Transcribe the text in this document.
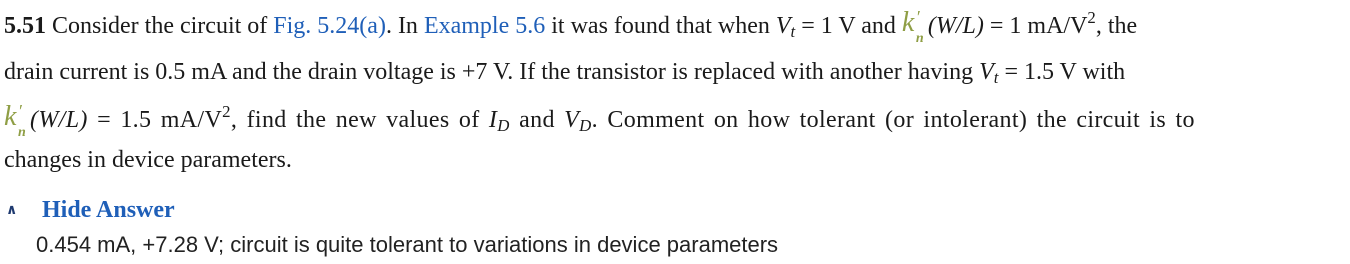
5.51 Consider the circuit of Fig. 5.24(a). In Example 5.6 it was found that when $V_t = 1$ V and k ′
n (W/L) = 1 $mA/V^2$, the
drain current is 0.5 mA and the drain voltage is +7 V. If the transistor is replaced with another having $V_t = 1.5$ V with
k ′
n (W/L) = 1.5 $mA/V^2$, find the new values of $I_D$ and $V_D$. Comment on how tolerant (or intolerant) the circuit is to
changes in device parameters.
∧	Hide Answer
0.454 mA, +7.28 V; circuit is quite tolerant to variations in device parameters
